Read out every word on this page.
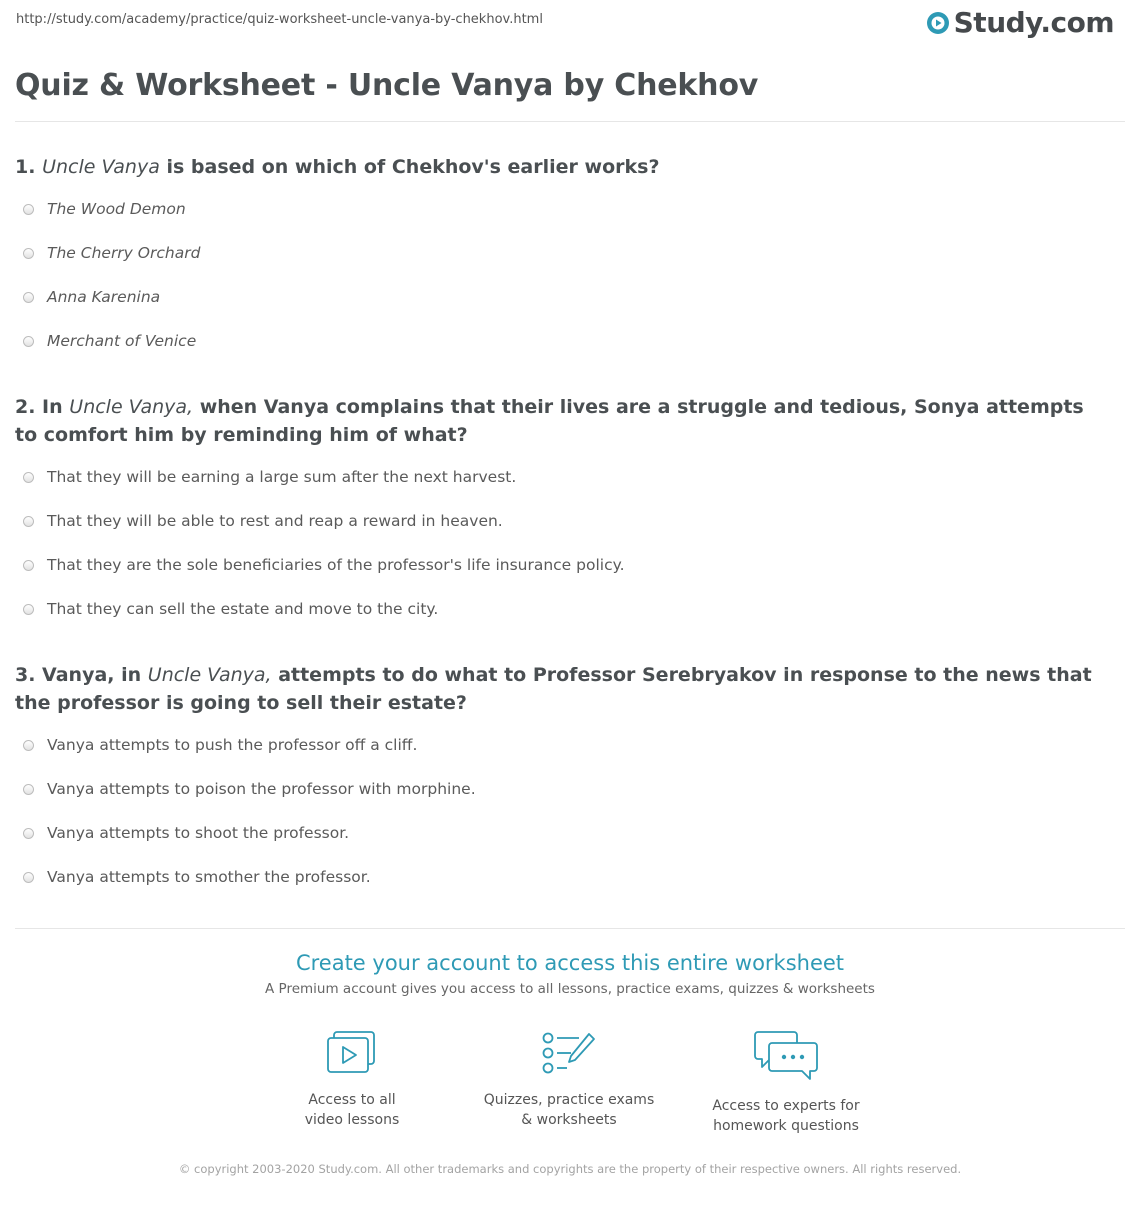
http://study.com/academy/practice/quiz-worksheet-uncle-vanya-by-chekhov.html	Study.com
Quiz & Worksheet - Uncle Vanya by Chekhov

1. Uncle Vanya is based on which of Chekhov's earlier works?

The Wood Demon
The Cherry Orchard
Anna Karenina
Merchant of Venice

2. In Uncle Vanya, when Vanya complains that their lives are a struggle and tedious, Sonya attempts to comfort him by reminding him of what?

That they will be earning a large sum after the next harvest.
That they will be able to rest and reap a reward in heaven.
That they are the sole beneficiaries of the professor's life insurance policy.
That they can sell the estate and move to the city.

3. Vanya, in Uncle Vanya, attempts to do what to Professor Serebryakov in response to the news that the professor is going to sell their estate?

Vanya attempts to push the professor off a cliff.
Vanya attempts to poison the professor with morphine.
Vanya attempts to shoot the professor.
Vanya attempts to smother the professor.
Create your account to access this entire worksheet
A Premium account gives you access to all lessons, practice exams, quizzes & worksheets
Access to all
video lessons
Quizzes, practice exams
& worksheets
Access to experts for
homework questions
© copyright 2003-2020 Study.com. All other trademarks and copyrights are the property of their respective owners. All rights reserved.
